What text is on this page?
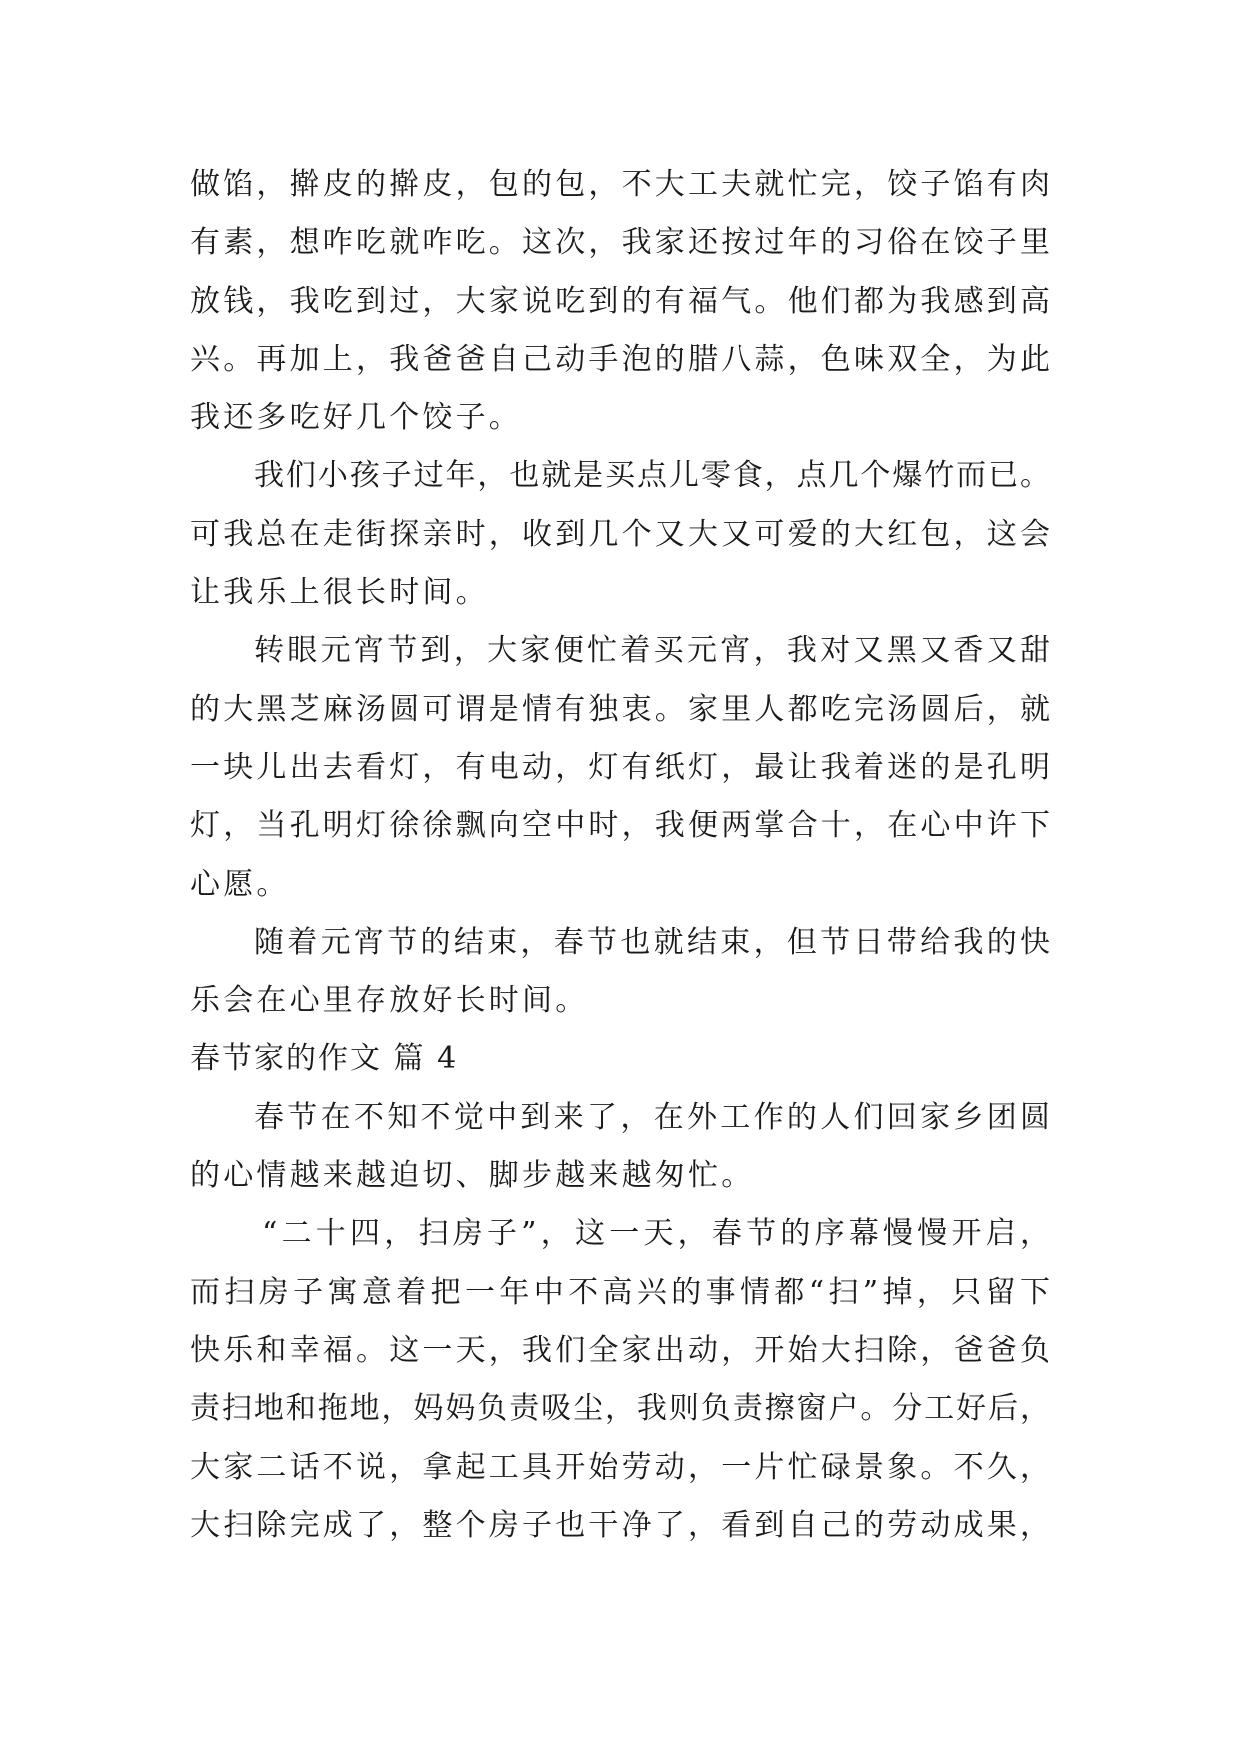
做馅，擀皮的擀皮，包的包，不大工夫就忙完，饺子馅有肉
有素，想咋吃就咋吃。这次，我家还按过年的习俗在饺子里
放钱，我吃到过，大家说吃到的有福气。他们都为我感到高
兴。再加上，我爸爸自己动手泡的腊八蒜，色味双全，为此
我还多吃好几个饺子。
我们小孩子过年，也就是买点儿零食，点几个爆竹而已。
可我总在走街探亲时，收到几个又大又可爱的大红包，这会
让我乐上很长时间。
转眼元宵节到，大家便忙着买元宵，我对又黑又香又甜
的大黑芝麻汤圆可谓是情有独衷。家里人都吃完汤圆后，就
一块儿出去看灯，有电动，灯有纸灯，最让我着迷的是孔明
灯，当孔明灯徐徐飘向空中时，我便两掌合十，在心中许下
心愿。
随着元宵节的结束，春节也就结束，但节日带给我的快
乐会在心里存放好长时间。
春节家的作文 篇 4
春节在不知不觉中到来了，在外工作的人们回家乡团圆
的心情越来越迫切、脚步越来越匆忙。
“二十四，扫房子”，这一天，春节的序幕慢慢开启，
而扫房子寓意着把一年中不高兴的事情都“扫”掉，只留下
快乐和幸福。这一天，我们全家出动，开始大扫除，爸爸负
责扫地和拖地，妈妈负责吸尘，我则负责擦窗户。分工好后，
大家二话不说，拿起工具开始劳动，一片忙碌景象。不久，
大扫除完成了，整个房子也干净了，看到自己的劳动成果，
